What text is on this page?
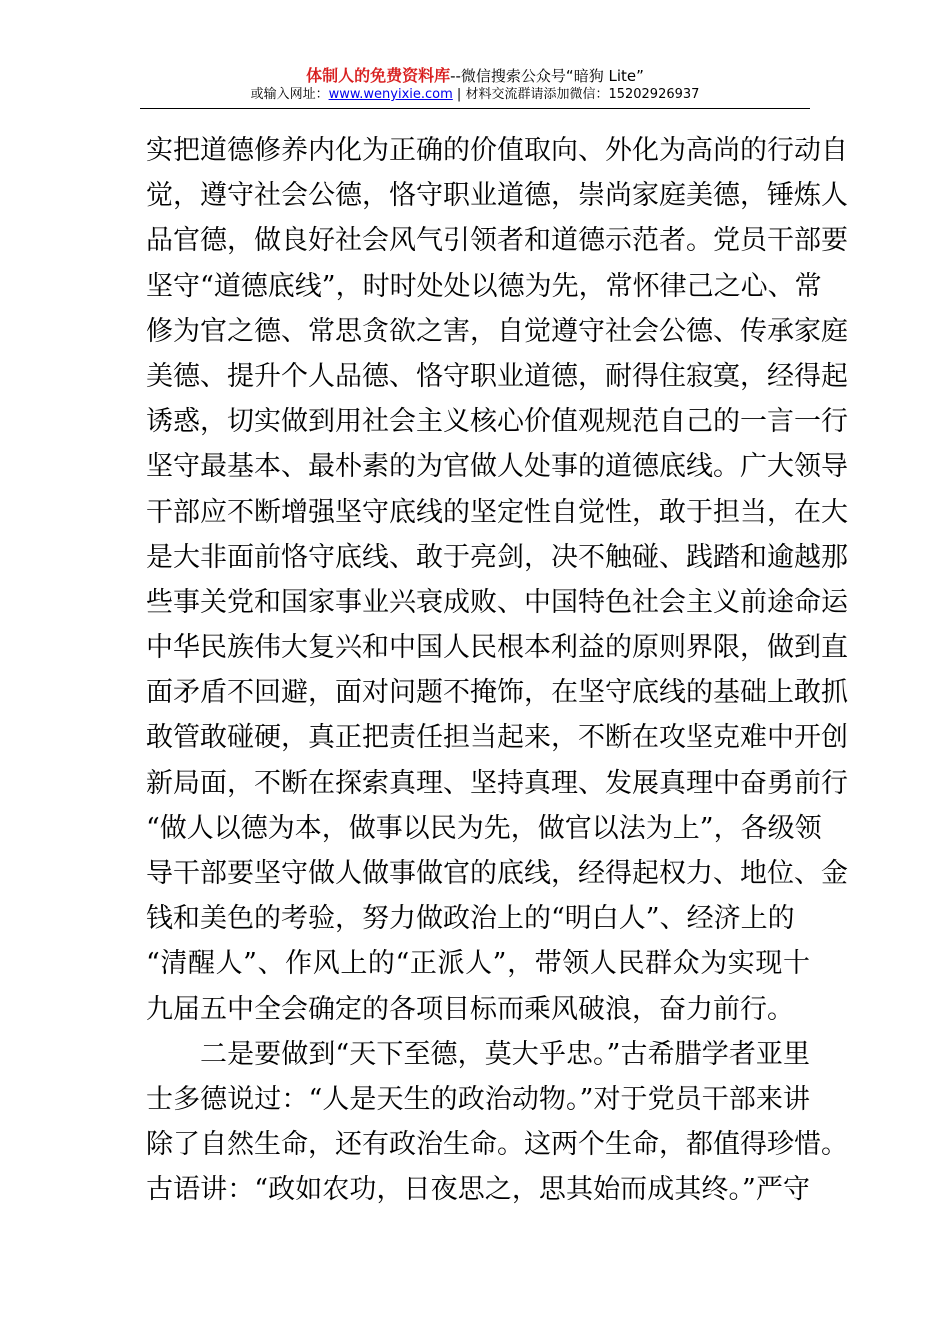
体制人的免费资料库--微信搜索公众号“暗狗 Lite”
或输入网址：www.wenyixie.com | 材料交流群请添加微信：15202926937
实把道德修养内化为正确的价值取向、外化为高尚的行动自
觉，遵守社会公德，恪守职业道德，崇尚家庭美德，锤炼人
品官德，做良好社会风气引领者和道德示范者。党员干部要
坚守“道德底线”，时时处处以德为先，常怀律己之心、常
修为官之德、常思贪欲之害，自觉遵守社会公德、传承家庭
美德、提升个人品德、恪守职业道德，耐得住寂寞，经得起
诱惑，切实做到用社会主义核心价值观规范自己的一言一行
坚守最基本、最朴素的为官做人处事的道德底线。广大领导
干部应不断增强坚守底线的坚定性自觉性，敢于担当，在大
是大非面前恪守底线、敢于亮剑，决不触碰、践踏和逾越那
些事关党和国家事业兴衰成败、中国特色社会主义前途命运
中华民族伟大复兴和中国人民根本利益的原则界限，做到直
面矛盾不回避，面对问题不掩饰，在坚守底线的基础上敢抓
敢管敢碰硬，真正把责任担当起来，不断在攻坚克难中开创
新局面，不断在探索真理、坚持真理、发展真理中奋勇前行
“做人以德为本，做事以民为先，做官以法为上”，各级领
导干部要坚守做人做事做官的底线，经得起权力、地位、金
钱和美色的考验，努力做政治上的“明白人”、经济上的
“清醒人”、作风上的“正派人”，带领人民群众为实现十
九届五中全会确定的各项目标而乘风破浪，奋力前行。
二是要做到“天下至德，莫大乎忠。”古希腊学者亚里
士多德说过：“人是天生的政治动物。”对于党员干部来讲
除了自然生命，还有政治生命。这两个生命，都值得珍惜。
古语讲：“政如农功，日夜思之，思其始而成其终。”严守
